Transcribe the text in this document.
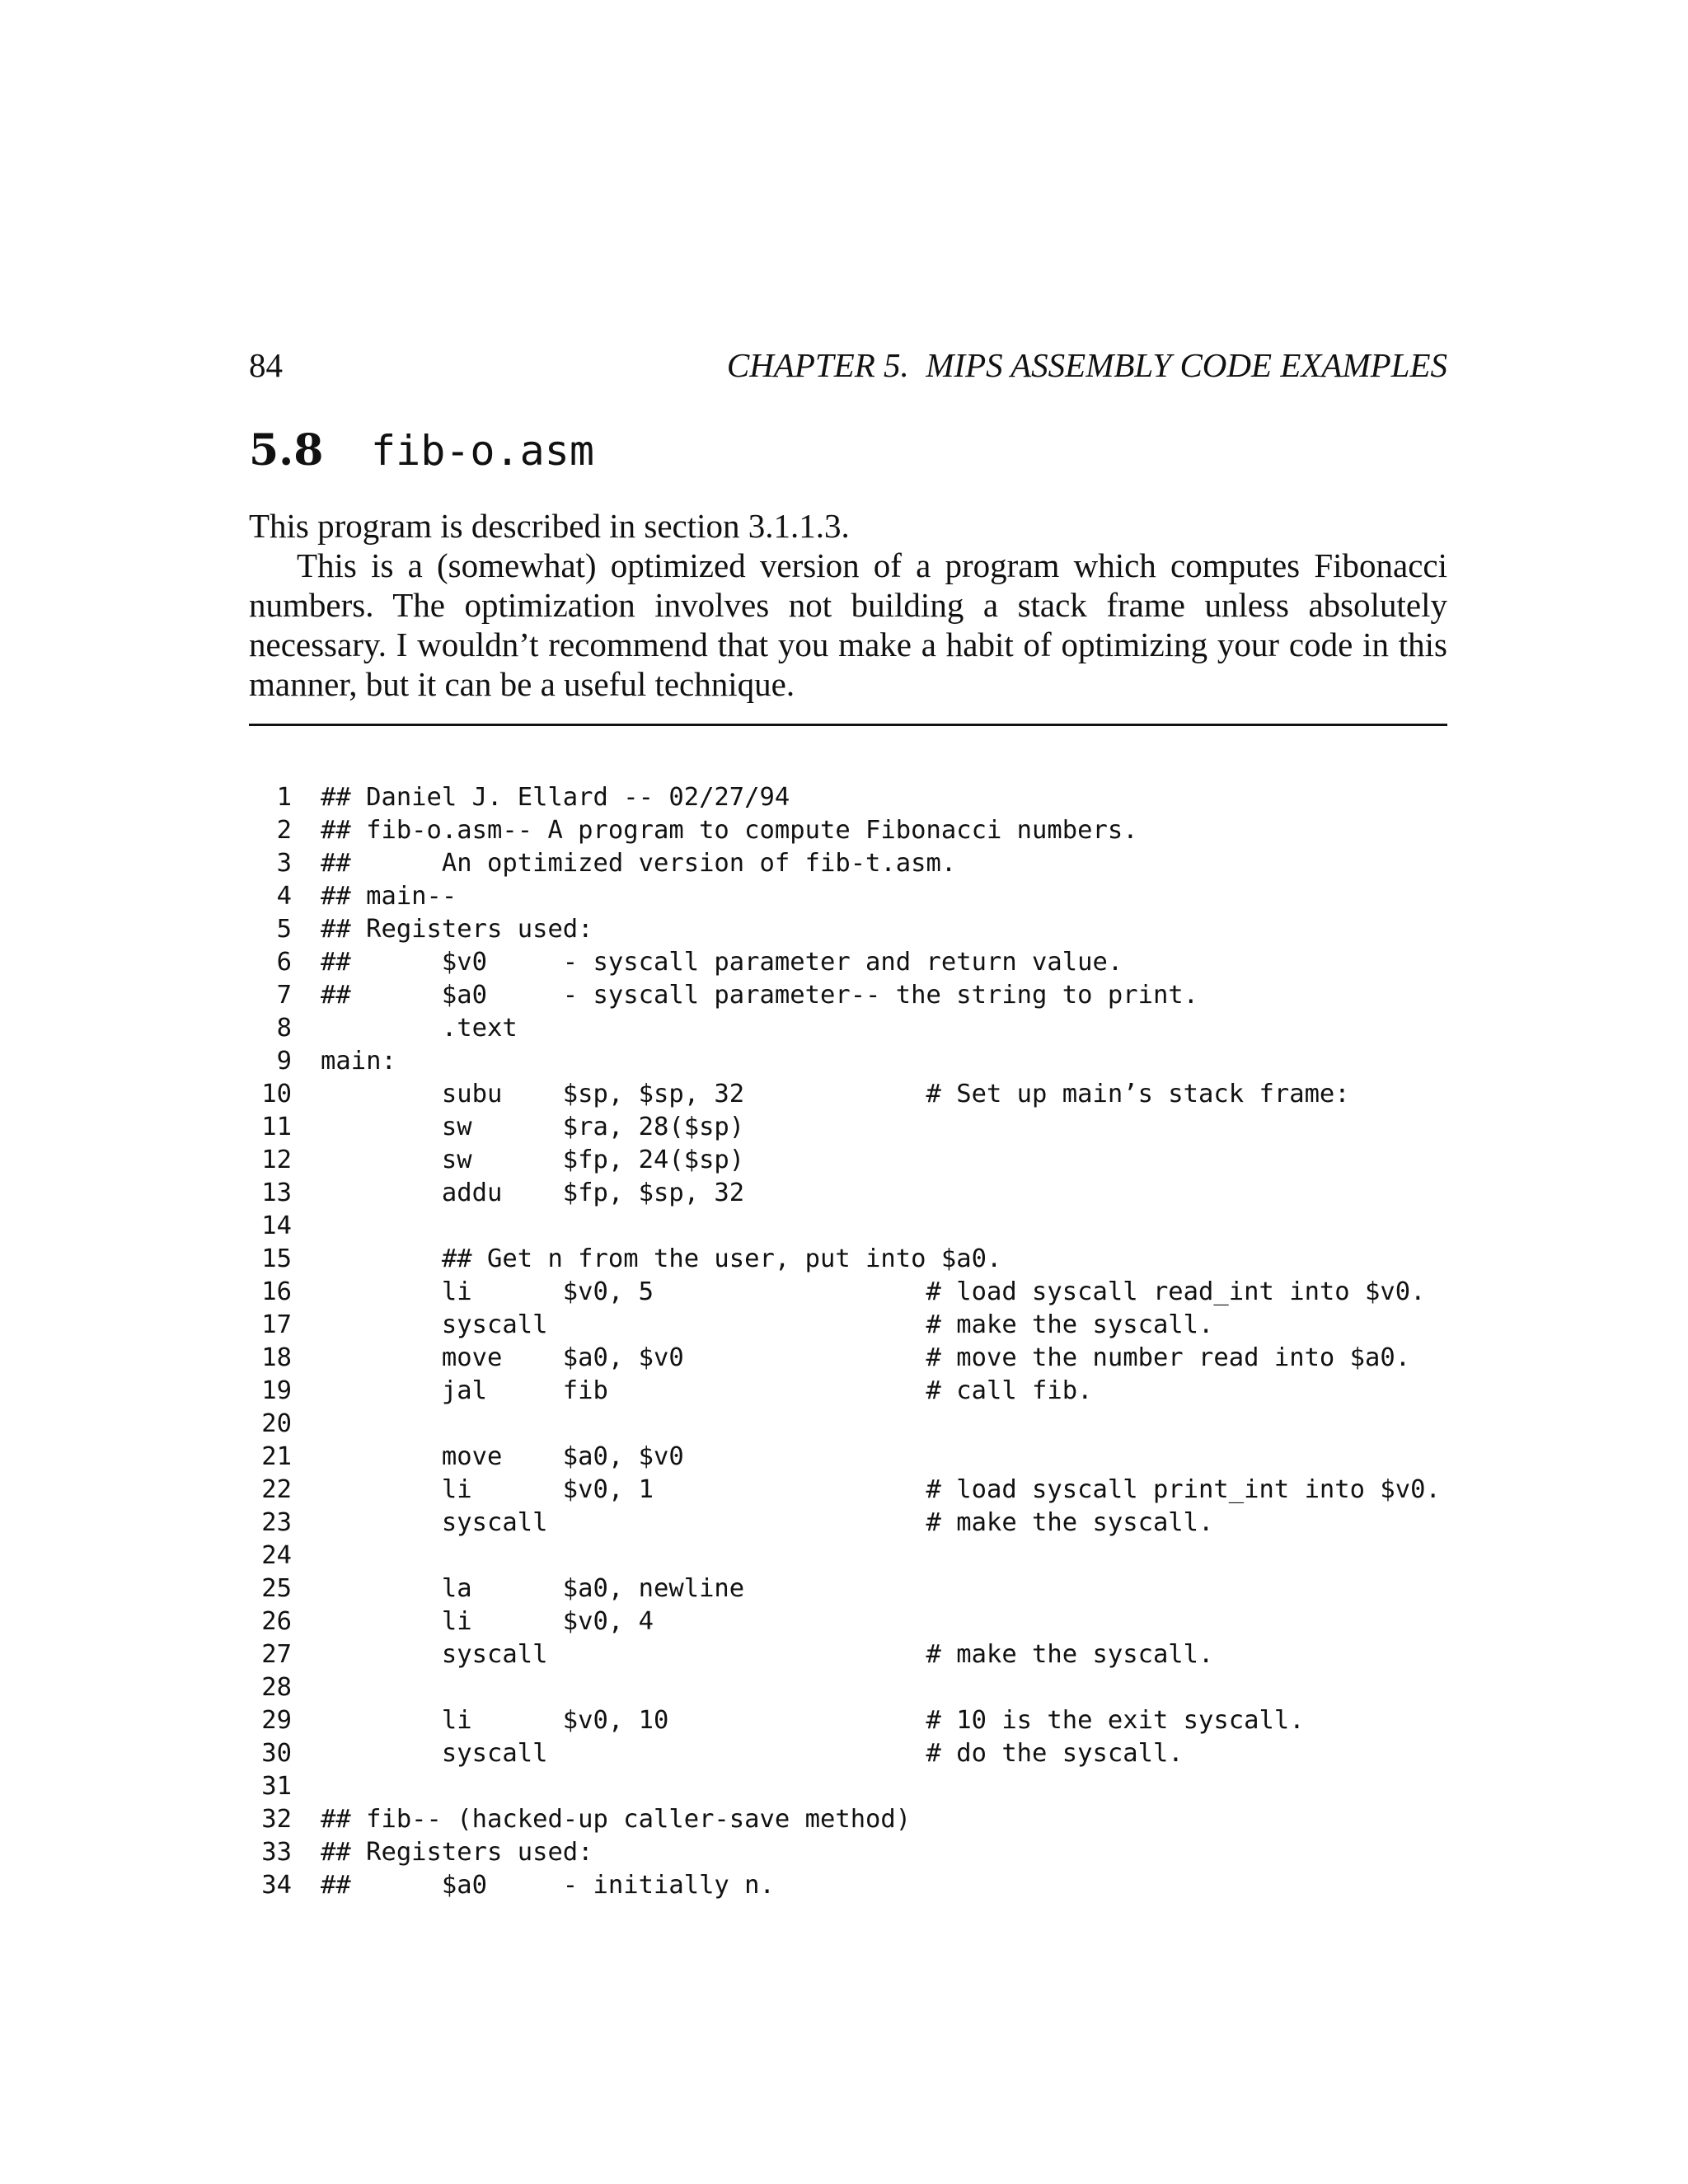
84	CHAPTER 5.  MIPS ASSEMBLY CODE EXAMPLES
5.8 fib-o.asm

This program is described in section 3.1.1.3.

This is a (somewhat) optimized version of a program which computes Fibonacci numbers. The optimization involves not building a stack frame unless absolutely necessary. I wouldn’t recommend that you make a habit of optimizing your code in this manner, but it can be a useful technique.

1 ## Daniel J. Ellard -- 02/27/94
2 ## fib-o.asm-- A program to compute Fibonacci numbers.
3 ##      An optimized version of fib-t.asm.
4 ## main--
5 ## Registers used:
6 ##      $v0     - syscall parameter and return value.
7 ##      $a0     - syscall parameter-- the string to print.
8 .text
9 main:
10 subu    $sp, $sp, 32            # Set up main’s stack frame:
11 sw      $ra, 28($sp)
12 sw      $fp, 24($sp)
13 addu    $fp, $sp, 32
14
15 ## Get n from the user, put into $a0.
16 li      $v0, 5                  # load syscall read_int into $v0.
17 syscall                         # make the syscall.
18 move    $a0, $v0                # move the number read into $a0.
19 jal     fib                     # call fib.
20
21 move    $a0, $v0
22 li      $v0, 1                  # load syscall print_int into $v0.
23 syscall                         # make the syscall.
24
25 la      $a0, newline
26 li      $v0, 4
27 syscall                         # make the syscall.
28
29 li      $v0, 10                 # 10 is the exit syscall.
30 syscall                         # do the syscall.
31
32 ## fib-- (hacked-up caller-save method)
33 ## Registers used:
34 ##      $a0     - initially n.
